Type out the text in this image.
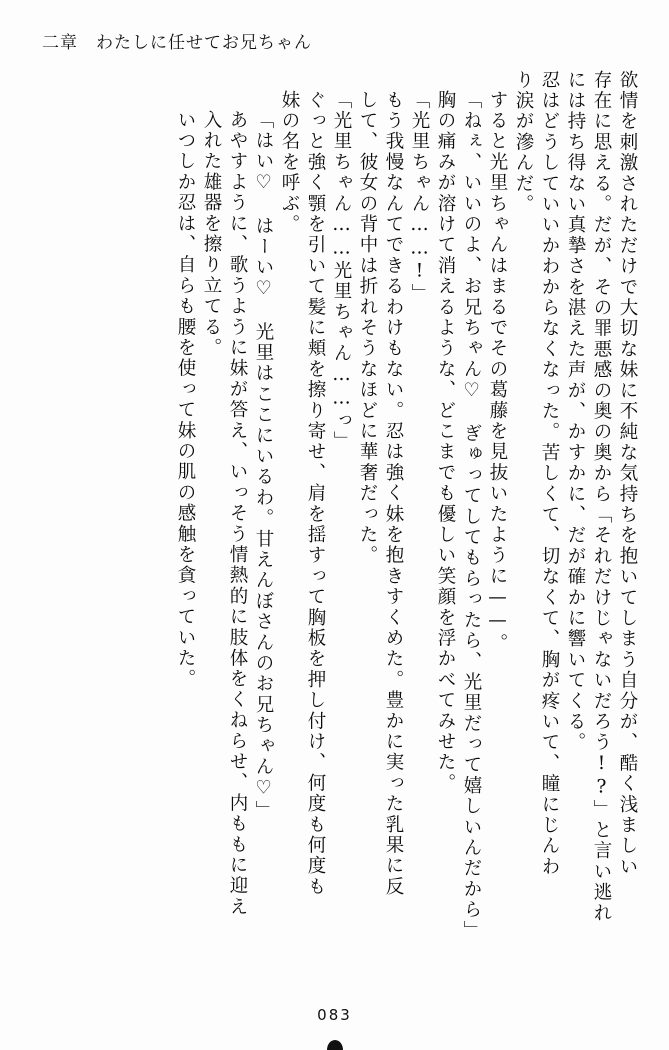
二章 わたしに任せてお兄ちゃん
欲情を刺激されただけで大切な妹に不純な気持ちを抱いてしまう自分が、酷く浅ましい
存在に思える。だが、その罪悪感の奥の奥から「それだけじゃないだろう!?」と言い逃れ
には持ち得ない真摯さを湛えた声が、かすかに、だが確かに響いてくる。
忍はどうしていいかわからなくなった。苦しくて、切なくて、胸が疼いて、瞳にじんわ
り涙が滲んだ。
すると光里ちゃんはまるでその葛藤を見抜いたように——。
「ねぇ、いいのよ、お兄ちゃん♡　ぎゅってしてもらったら、光里だって嬉しいんだから」
胸の痛みが溶けて消えるような、どこまでも優しい笑顔を浮かべてみせた。
「光里ちゃん……!」
もう我慢なんてできるわけもない。忍は強く妹を抱きすくめた。豊かに実った乳果に反
して、彼女の背中は折れそうなほどに華奢だった。
「光里ちゃん……光里ちゃん……っ」
ぐっと強く顎を引いて髪に頬を擦り寄せ、肩を揺すって胸板を押し付け、何度も何度も
妹の名を呼ぶ。
「はい♡　はーい♡　光里はここにいるわ。甘えんぼさんのお兄ちゃん♡」
あやすように、歌うように妹が答え、いっそう情熱的に肢体をくねらせ、内ももに迎え
入れた雄器を擦り立てる。
いつしか忍は、自らも腰を使って妹の肌の感触を貪っていた。
083
